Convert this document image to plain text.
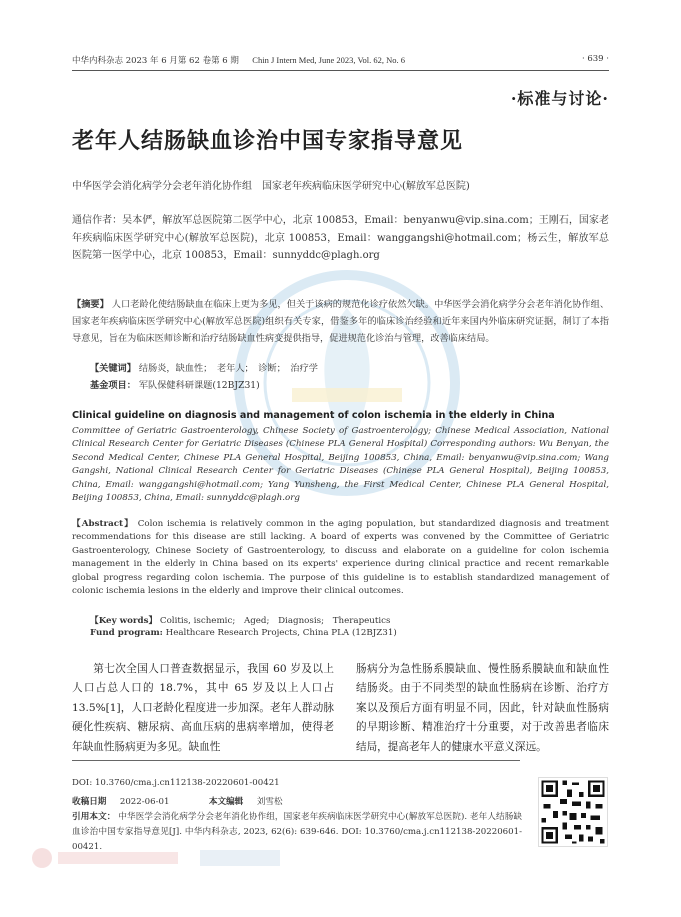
中华内科杂志 2023 年 6 月第 62 卷第 6 期 Chin J Intern Med, June 2023, Vol. 62, No. 6	· 639 ·
·标准与讨论·
老年人结肠缺血诊治中国专家指导意见
中华医学会消化病学分会老年消化协作组　国家老年疾病临床医学研究中心(解放军总医院)
通信作者：吴本俨，解放军总医院第二医学中心，北京 100853，Email：benyanwu@vip.sina.com；王刚石，国家老年疾病临床医学研究中心(解放军总医院)，北京 100853，Email：wanggangshi@hotmail.com；杨云生，解放军总医院第一医学中心，北京 100853，Email：sunnyddc@plagh.org
【摘要】 人口老龄化使结肠缺血在临床上更为多见，但关于该病的规范化诊疗依然欠缺。中华医学会消化病学分会老年消化协作组、国家老年疾病临床医学研究中心(解放军总医院)组织有关专家，借鉴多年的临床诊治经验和近年来国内外临床研究证据，制订了本指导意见，旨在为临床医师诊断和治疗结肠缺血性病变提供指导，促进规范化诊治与管理，改善临床结局。
【关键词】 结肠炎，缺血性；　老年人；　诊断；　治疗学
基金项目： 军队保健科研课题(12BJZ31)
Clinical guideline on diagnosis and management of colon ischemia in the elderly in China
Committee of Geriatric Gastroenterology, Chinese Society of Gastroenterology; Chinese Medical Association, National Clinical Research Center for Geriatric Diseases (Chinese PLA General Hospital) Corresponding authors: Wu Benyan, the Second Medical Center, Chinese PLA General Hospital, Beijing 100853, China, Email: benyanwu@vip.sina.com; Wang Gangshi, National Clinical Research Center for Geriatric Diseases (Chinese PLA General Hospital), Beijing 100853, China, Email: wanggangshi@hotmail.com; Yang Yunsheng, the First Medical Center, Chinese PLA General Hospital, Beijing 100853, China, Email: sunnyddc@plagh.org
【Abstract】 Colon ischemia is relatively common in the aging population, but standardized diagnosis and treatment recommendations for this disease are still lacking. A board of experts was convened by the Committee of Geriatric Gastroenterology, Chinese Society of Gastroenterology, to discuss and elaborate on a guideline for colon ischemia management in the elderly in China based on its experts' experience during clinical practice and recent remarkable global progress regarding colon ischemia. The purpose of this guideline is to establish standardized management of colonic ischemia lesions in the elderly and improve their clinical outcomes.
【Key words】 Colitis, ischemic;　Aged;　Diagnosis;　Therapeutics
Fund program: Healthcare Research Projects, China PLA (12BJZ31)
第七次全国人口普查数据显示，我国 60 岁及以上人口占总人口的 18.7%，其中 65 岁及以上人口占 13.5%[1]，人口老龄化程度进一步加深。老年人群动脉硬化性疾病、糖尿病、高血压病的患病率增加，使得老年缺血性肠病更为多见。缺血性
肠病分为急性肠系膜缺血、慢性肠系膜缺血和缺血性结肠炎。由于不同类型的缺血性肠病在诊断、治疗方案以及预后方面有明显不同，因此，针对缺血性肠病的早期诊断、精准治疗十分重要，对于改善患者临床结局，提高老年人的健康水平意义深远。
DOI: 10.3760/cma.j.cn112138-20220601-00421
收稿日期 2022-06-01	本文编辑 刘雪松
引用本文： 中华医学会消化病学分会老年消化协作组，国家老年疾病临床医学研究中心(解放军总医院). 老年人结肠缺血诊治中国专家指导意见[J]. 中华内科杂志, 2023, 62(6): 639-646. DOI: 10.3760/cma.j.cn112138-20220601-00421.
